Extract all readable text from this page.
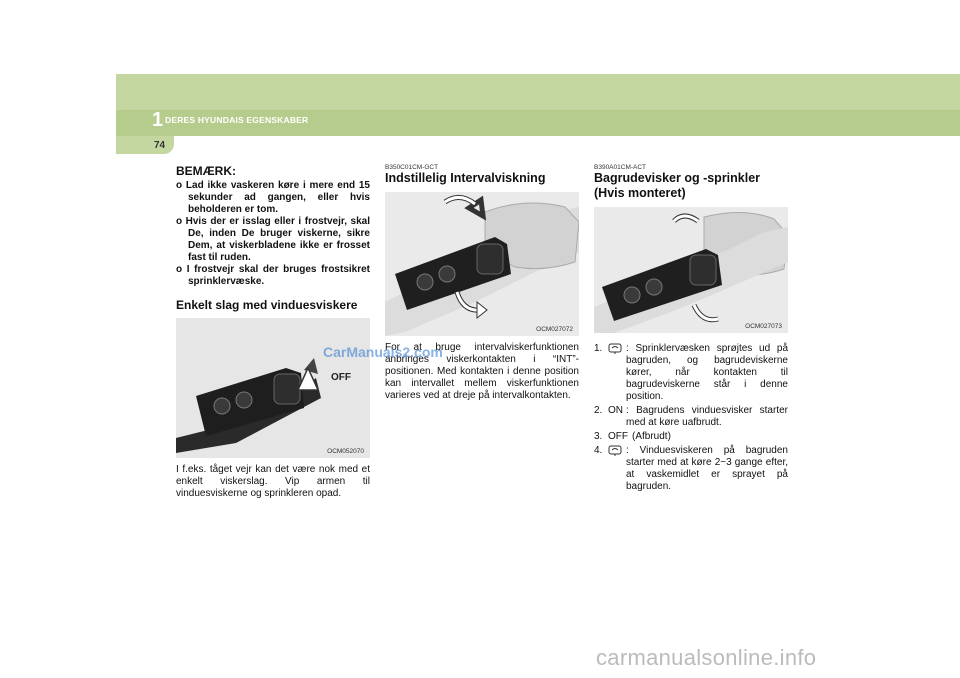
1 DERES HYUNDAIS EGENSKABER
74
BEMÆRK:
o Lad ikke vaskeren køre i mere end 15 sekunder ad gangen, eller hvis beholderen er tom.
o Hvis der er isslag eller i frostvejr, skal De, inden De bruger viskerne, sikre Dem, at viskerbladene ikke er frosset fast til ruden.
o I frostvejr skal der bruges frostsikret sprinklervæske.
Enkelt slag med vinduesviskere
OFF
OCM052070

I f.eks. tåget vejr kan det være nok med et enkelt viskerslag. Vip armen til vinduesviskerne og sprinkleren opad.

B350C01CM-GCT
Indstillelig Intervalviskning
OCM027072

For at bruge intervalviskerfunktionen anbringes viskerkontakten i “INT”-positionen. Med kontakten i denne position kan intervallet mellem viskerfunktionen varieres ved at dreje på intervalkontakten.

B390A01CM-ACT
Bagrudevisker og -sprinkler (Hvis monteret)
OCM027073
1.	: Sprinklervæsken sprøjtes ud på bagruden, og bagrudeviskerne kører, når kontakten til bagrudeviskerne står i denne position.
2. ON : Bagrudens vinduesvisker starter med at køre uafbrudt.
3. OFF (Afbrudt)
4.	: Vinduesviskeren på bagruden starter med at køre 2~3 gange efter, at vaskemidlet er sprayet på bagruden.
CarManuals2.com
carmanualsonline.info
